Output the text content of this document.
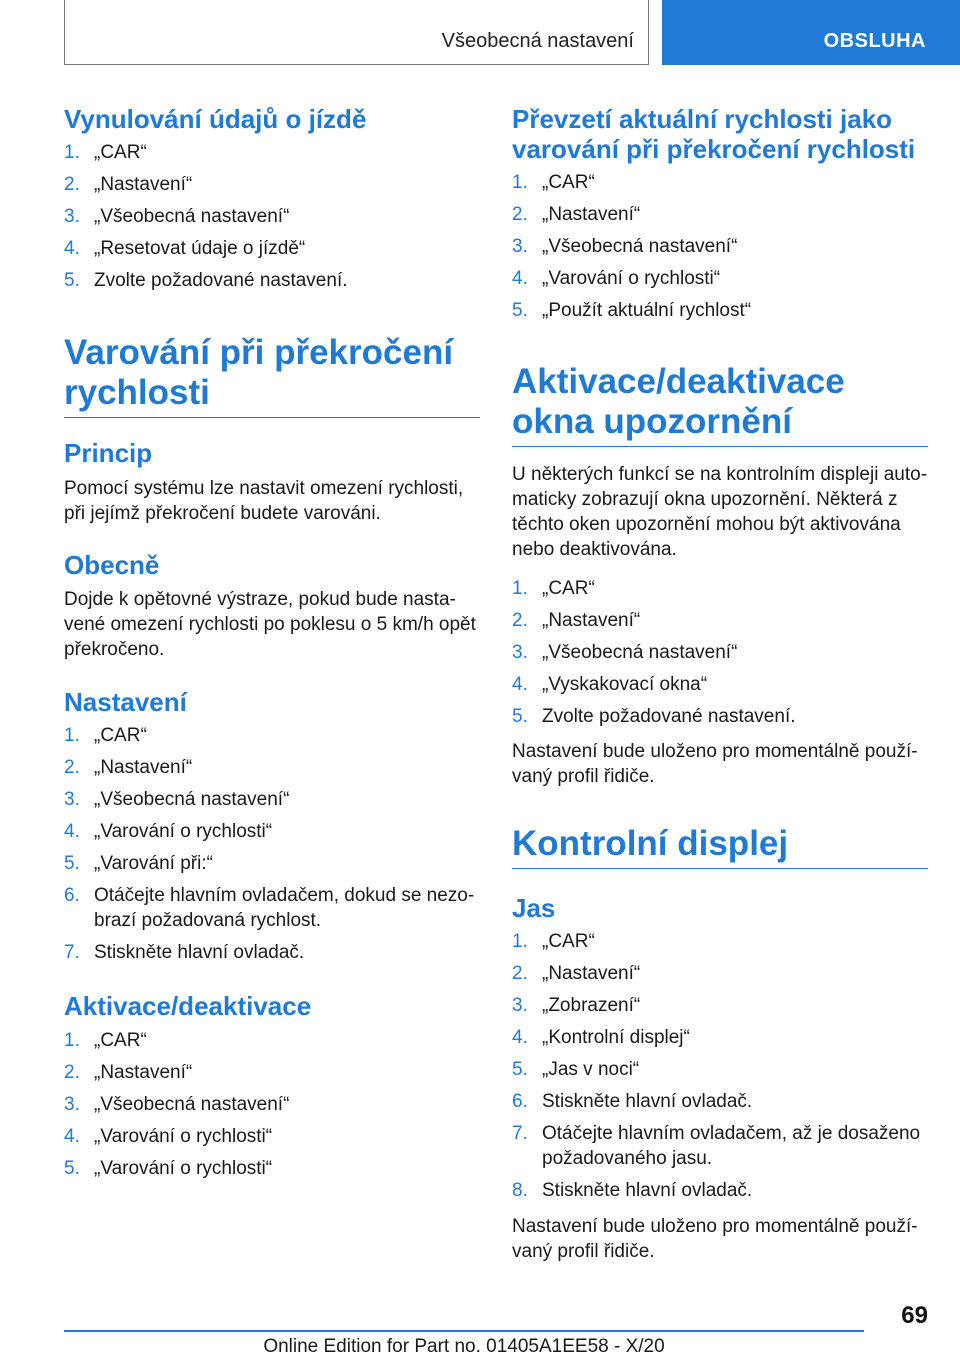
Všeobecná nastavení	OBSLUHA
Vynulování údajů o jízdě
1. „CAR“
2. „Nastavení“
3. „Všeobecná nastavení“
4. „Resetovat údaje o jízdě“
5. Zvolte požadované nastavení.
Varování při překročení rychlosti
Princip
Pomocí systému lze nastavit omezení rychlosti, při jejímž překročení budete varováni.
Obecně
Dojde k opětovné výstraze, pokud bude nastavené omezení rychlosti po poklesu o 5 km/h opět překročeno.
Nastavení
1. „CAR“
2. „Nastavení“
3. „Všeobecná nastavení“
4. „Varování o rychlosti“
5. „Varování při:“
6. Otáčejte hlavním ovladačem, dokud se nezobrazí požadovaná rychlost.
7. Stiskněte hlavní ovladač.
Aktivace/deaktivace
1. „CAR“
2. „Nastavení“
3. „Všeobecná nastavení“
4. „Varování o rychlosti“
5. „Varování o rychlosti“
Převzetí aktuální rychlosti jako varování při překročení rychlosti
1. „CAR“
2. „Nastavení“
3. „Všeobecná nastavení“
4. „Varování o rychlosti“
5. „Použít aktuální rychlost“
Aktivace/deaktivace okna upozornění
U některých funkcí se na kontrolním displeji automaticky zobrazují okna upozornění. Některá z těchto oken upozornění mohou být aktivována nebo deaktivována.
1. „CAR“
2. „Nastavení“
3. „Všeobecná nastavení“
4. „Vyskakovací okna“
5. Zvolte požadované nastavení.
Nastavení bude uloženo pro momentálně používaný profil řidiče.
Kontrolní displej
Jas
1. „CAR“
2. „Nastavení“
3. „Zobrazení“
4. „Kontrolní displej“
5. „Jas v noci“
6. Stiskněte hlavní ovladač.
7. Otáčejte hlavním ovladačem, až je dosaženo požadovaného jasu.
8. Stiskněte hlavní ovladač.
Nastavení bude uloženo pro momentálně používaný profil řidiče.
69
Online Edition for Part no. 01405A1EE58 - X/20
